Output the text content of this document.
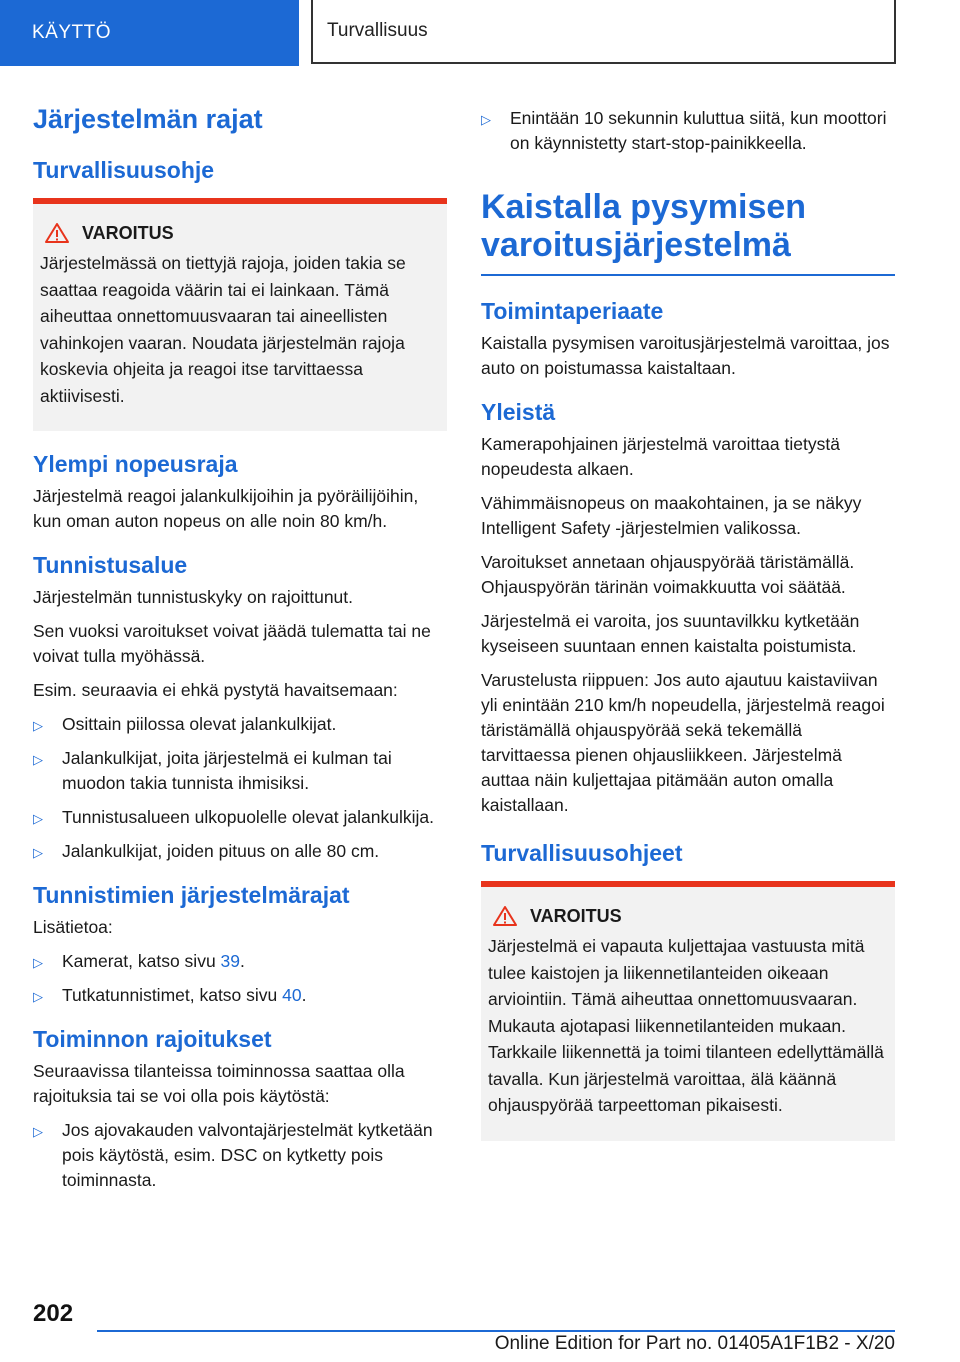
KÄYTTÖ	Turvallisuus
Järjestelmän rajat
Turvallisuusohje
VAROITUS
Järjestelmässä on tiettyjä rajoja, joiden takia se saattaa reagoida väärin tai ei lainkaan. Tämä aiheuttaa onnettomuusvaaran tai aineellisten vahinkojen vaaran. Noudata järjestelmän rajoja koskevia ohjeita ja reagoi itse tarvittaessa aktiivisesti.
Ylempi nopeusraja
Järjestelmä reagoi jalankulkijoihin ja pyöräilijöihin, kun oman auton nopeus on alle noin 80 km/h.
Tunnistusalue
Järjestelmän tunnistuskyky on rajoittunut.
Sen vuoksi varoitukset voivat jäädä tulematta tai ne voivat tulla myöhässä.
Esim. seuraavia ei ehkä pystytä havaitsemaan:
▷ Osittain piilossa olevat jalankulkijat.
▷ Jalankulkijat, joita järjestelmä ei kulman tai muodon takia tunnista ihmisiksi.
▷ Tunnistusalueen ulkopuolelle olevat jalankulkija.
▷ Jalankulkijat, joiden pituus on alle 80 cm.
Tunnistimien järjestelmärajat
Lisätietoa:
▷ Kamerat, katso sivu 39.
▷ Tutkatunnistimet, katso sivu 40.
Toiminnon rajoitukset
Seuraavissa tilanteissa toiminnossa saattaa olla rajoituksia tai se voi olla pois käytöstä:
▷ Jos ajovakauden valvontajärjestelmät kytketään pois käytöstä, esim. DSC on kytketty pois toiminnasta.
▷ Enintään 10 sekunnin kuluttua siitä, kun moottori on käynnistetty start-stop-painikkeella.
Kaistalla pysymisen varoitusjärjestelmä
Toimintaperiaate
Kaistalla pysymisen varoitusjärjestelmä varoittaa, jos auto on poistumassa kaistaltaan.
Yleistä
Kamerapohjainen järjestelmä varoittaa tietystä nopeudesta alkaen.
Vähimmäisnopeus on maakohtainen, ja se näkyy Intelligent Safety -järjestelmien valikossa.
Varoitukset annetaan ohjauspyörää täristämällä. Ohjauspyörän tärinän voimakkuutta voi säätää.
Järjestelmä ei varoita, jos suuntavilkku kytketään kyseiseen suuntaan ennen kaistalta poistumista.
Varustelusta riippuen: Jos auto ajautuu kaistaviivan yli enintään 210 km/h nopeudella, järjestelmä reagoi täristämällä ohjauspyörää sekä tekemällä tarvittaessa pienen ohjausliikkeen. Järjestelmä auttaa näin kuljettajaa pitämään auton omalla kaistallaan.
Turvallisuusohjeet
VAROITUS
Järjestelmä ei vapauta kuljettajaa vastuusta mitä tulee kaistojen ja liikennetilanteiden oikeaan arviointiin. Tämä aiheuttaa onnettomuusvaaran. Mukauta ajotapasi liikennetilanteiden mukaan. Tarkkaile liikennettä ja toimi tilanteen edellyttämällä tavalla. Kun järjestelmä varoittaa, älä käännä ohjauspyörää tarpeettoman pikaisesti.
202
Online Edition for Part no. 01405A1F1B2 - X/20
